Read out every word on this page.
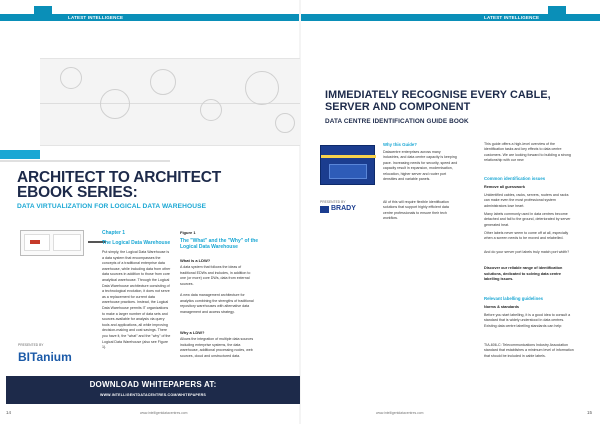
LATEST INTELLIGENCE	LATEST INTELLIGENCE
ARCHITECT TO ARCHITECT EBOOK SERIES:
DATA VIRTUALIZATION FOR LOGICAL DATA WAREHOUSE
PRESENTED BY
BITanium
Chapter 1
The Logical Data Warehouse
Put simply, the Logical Data Warehouse is a data system that encompasses the concepts of a traditional enterprise data warehouse, while including data from other data sources in addition to those from core analytical warehouse. Through the Logical Data Warehouse architecture consisting of a technological evolution, it does not serve as a replacement for current data warehouse practices. Instead, the Logical Data Warehouse permits IT organizations to make a larger number of data sets and sources available for analysis via query tools and applications, all while improving decision-making and cost savings. There you have it, the "what" and the "why" of the Logical Data Warehouse (also see Figure 1).
Figure 1
The "What" and the "Why" of the Logical Data Warehouse
What is a LDW?
A data system that follows the ideas of traditional EDWs and includes, in addition to one (or more) core DWs, data from external sources.
A new data management architecture for analytics combining the strengths of traditional repository warehouses with alternative data management and access strategy.
Why a LDW?
Allows the integration of multiple data sources including enterprise systems, the data warehouse, additional processing nodes, web sources, cloud and unstructured data.
DOWNLOAD WHITEPAPERS AT:
WWW.INTELLIGENTDATACENTRES.COM/WHITEPAPERS
14	www.intelligentdatacentres.com
IMMEDIATELY RECOGNISE EVERY CABLE, SERVER AND COMPONENT
DATA CENTRE IDENTIFICATION GUIDE BOOK
PRESENTED BY
BRADY
Why this Guide?
Datacentre enterprises across many industries, and data centre capacity is keeping pace. Increasing needs for security, speed and capacity result in expansion, modernisation, relocation, higher server and router port densities and variable panels.
All of this will require flexible identification solutions that support highly efficient data centre professionals to ensure their tech workflow.
This guide offers a high-level overview of the identification tasks and key effects to data centre customers. We are looking forward to building a strong relationship with our new
Common identification issues
Remove all guesswork
Unidentified cables, racks, servers, routers and racks can make even the most professional system administrators lose heart.
Many labels commonly used in data centres become detached and fail to the ground, deteriorated by server generated heat.
Other labels never seem to come off at all, especially when a screen needs to be moved and relabelled.
And do your server port labels truly match port width?
Discover our reliable range of identification solutions, dedicated to solving data centre labelling issues.
Relevant labelling guidelines
Norms & standards
Before you start labelling, it is a good idea to consult a standard that is widely understood in data centres. Existing data centre labelling standards can help:
TIA-606-C: Telecommunications Industry Association standard that establishes a minimum level of information that should be included in cable labels.
www.intelligentdatacentres.com	15
